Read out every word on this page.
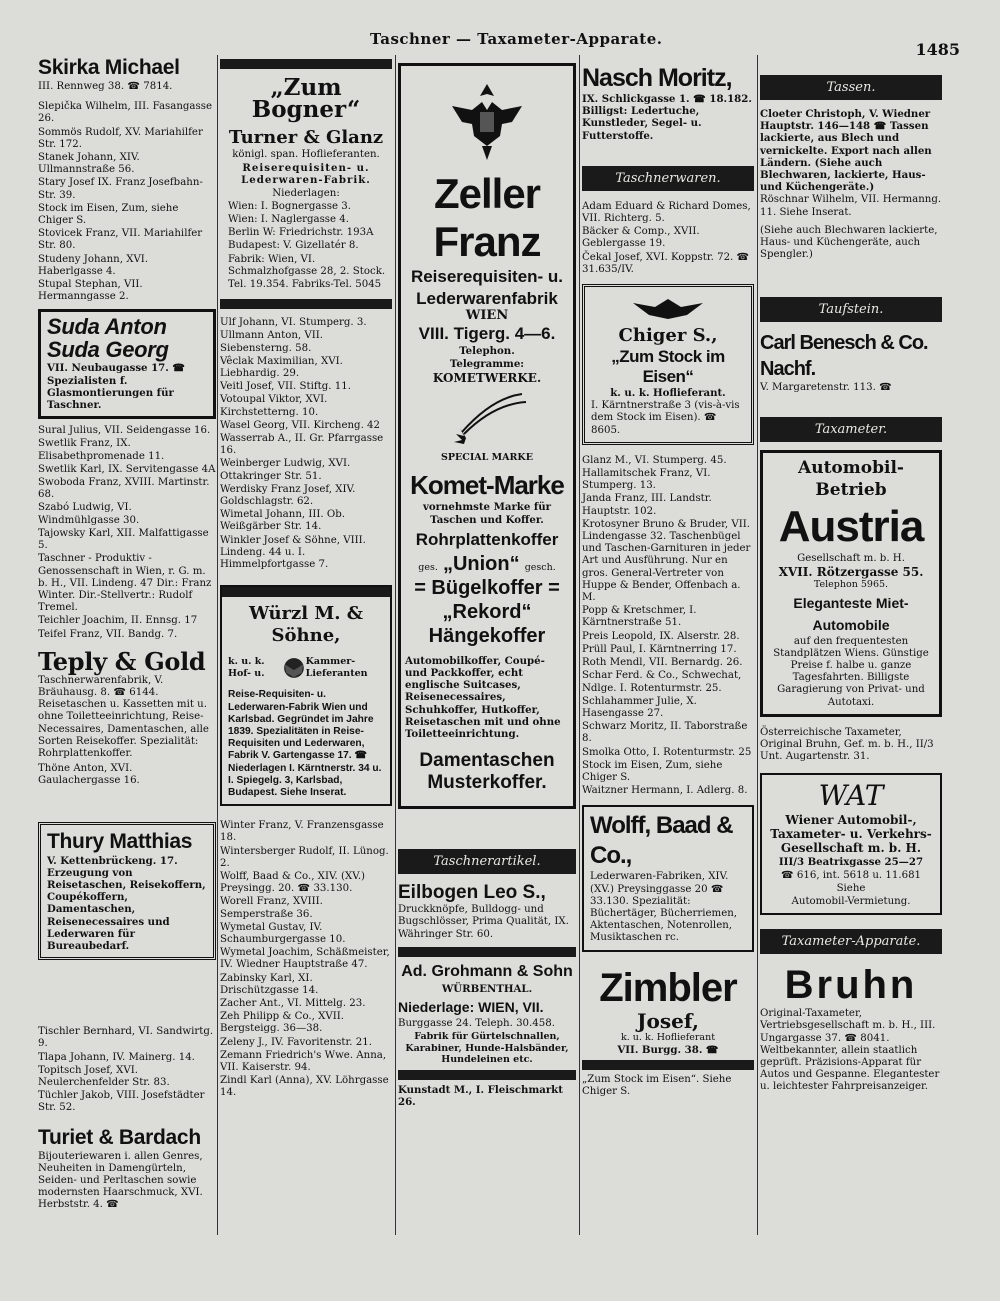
Taschner — Taxameter-Apparate.
1485
Skirka Michael
III. Rennweg 38. ☎ 7814.
Slepička Wilhelm, III. Fasangasse 26.
Sommös Rudolf, XV. Mariahilfer Str. 172.
Stanek Johann, XIV. Ullmannstraße 56.
Stary Josef IX. Franz Josefbahn-Str. 39.
Stock im Eisen, Zum, siehe Chiger S.
Stovicek Franz, VII. Mariahilfer Str. 80.
Studeny Johann, XVI. Haberlgasse 4.
Stupal Stephan, VII. Hermanngasse 2.
Suda Anton
Suda Georg
VII. Neubaugasse 17. ☎ Spezialisten f. Glasmontierungen für Taschner.
Sural Julius, VII. Seidengasse 16.
Swetlik Franz, IX. Elisabethpromenade 11.
Swetlik Karl, IX. Servitengasse 4A
Swoboda Franz, XVIII. Martinstr. 68.
Szabó Ludwig, VI. Windmühlgasse 30.
Tajowsky Karl, XII. Malfattigasse 5.
Taschner - Produktiv - Genossenschaft in Wien, r. G. m. b. H., VII. Lindeng. 47 Dir.: Franz Winter. Dir.-Stellvertr.: Rudolf Tremel.
Teichler Joachim, II. Ennsg. 17
Teifel Franz, VII. Bandg. 7.
Teply & Gold
Taschnerwarenfabrik, V. Bräuhausg. 8. ☎ 6144. Reisetaschen u. Kassetten mit u. ohne Toiletteeinrichtung, Reise-Necessaires, Damentaschen, alle Sorten Reisekoffer. Spezialität: Rohrplattenkoffer.
Thöne Anton, XVI. Gaulachergasse 16.
Thury Matthias
V. Kettenbrückeng. 17. Erzeugung von Reisetaschen, Reisekoffern, Coupékoffern, Damentaschen, Reisenecessaires und Lederwaren für Bureaubedarf.
Tischler Bernhard, VI. Sandwirtg. 9.
Tlapa Johann, IV. Mainerg. 14.
Topitsch Josef, XVI. Neulerchenfelder Str. 83.
Tüchler Jakob, VIII. Josefstädter Str. 52.
Turiet & Bardach
Bijouteriewaren i. allen Genres, Neuheiten in Damengürteln, Seiden- und Perltaschen sowie modernsten Haarschmuck, XVI. Herbststr. 4. ☎
„Zum Bogner“
Turner & Glanz
königl. span. Hoflieferanten.
Reiserequisiten- u. Lederwaren-Fabrik.
Niederlagen:
Wien: I. Bognergasse 3.
Wien: I. Naglergasse 4.
Berlin W: Friedrichstr. 193A
Budapest: V. Gizellatér 8.
Fabrik: Wien, VI. Schmalzhofgasse 28, 2. Stock.
Tel. 19.354. Fabriks-Tel. 5045
Ulf Johann, VI. Stumperg. 3.
Ullmann Anton, VII. Siebensterng. 58.
Vêclak Maximilian, XVI. Liebhardig. 29.
Veitl Josef, VII. Stiftg. 11.
Votoupal Viktor, XVI. Kirchstetterng. 10.
Wasel Georg, VII. Kircheng. 42
Wasserrab A., II. Gr. Pfarrgasse 16.
Weinberger Ludwig, XVI. Ottakringer Str. 51.
Werdisky Franz Josef, XIV. Goldschlagstr. 62.
Wimetal Johann, III. Ob. Weißgärber Str. 14.
Winkler Josef & Söhne, VIII. Lindeng. 44 u. I. Himmelpfortgasse 7.
Würzl M. & Söhne,
k. u. k. Hof- u.
Kammer-Lieferanten
Reise-Requisiten- u. Lederwaren-Fabrik Wien und Karlsbad. Gegründet im Jahre 1839. Spezialitäten in Reise-Requisiten und Lederwaren, Fabrik V. Gartengasse 17. ☎ Niederlagen I. Kärntnerstr. 34 u. I. Spiegelg. 3, Karlsbad, Budapest. Siehe Inserat.
Winter Franz, V. Franzensgasse 18.
Wintersberger Rudolf, II. Lünog. 2.
Wolff, Baad & Co., XIV. (XV.) Preysingg. 20. ☎ 33.130.
Worell Franz, XVIII. Semperstraße 36.
Wymetal Gustav, IV. Schaumburgergasse 10.
Wymetal Joachim, Schäßmeister, IV. Wiedner Hauptstraße 47.
Zabinsky Karl, XI. Drischützgasse 14.
Zacher Ant., VI. Mittelg. 23.
Zeh Philipp & Co., XVII. Bergsteigg. 36—38.
Zeleny J., IV. Favoritenstr. 21.
Zemann Friedrich's Wwe. Anna, VII. Kaiserstr. 94.
Zindl Karl (Anna), XV. Löhrgasse 14.
Zeller Franz
Reiserequisiten- u.
Lederwarenfabrik
WIEN
VIII. Tigerg. 4—6.
Telephon.
Telegramme:
KOMETWERKE.
SPECIAL MARKE
Komet-Marke
vornehmste Marke für Taschen und Koffer.
Rohrplattenkoffer
ges. „Union“ gesch.
= Bügelkoffer =
„Rekord“
Hängekoffer
Automobilkoffer, Coupé- und Packkoffer, echt englische Suitcases, Reisenecessaires, Schuhkoffer, Hutkoffer, Reisetaschen mit und ohne Toiletteeinrichtung.
Damentaschen
Musterkoffer.
Taschnerartikel.
Eilbogen Leo S.,
Druckknöpfe, Bulldogg- und Bugschlösser, Prima Qualität, IX. Währinger Str. 60.
Ad. Grohmann & Sohn
WÜRBENTHAL.
Niederlage: WIEN, VII.
Burggasse 24. Teleph. 30.458.
Fabrik für Gürtelschnallen, Karabiner, Hunde-Halsbänder, Hundeleinen etc.
Kunstadt M., I. Fleischmarkt 26.
Nasch Moritz,
IX. Schlickgasse 1. ☎ 18.182. Billigst: Ledertuche, Kunstleder, Segel- u. Futterstoffe.
Taschnerwaren.
Adam Eduard & Richard Domes, VII. Richterg. 5.
Bäcker & Comp., XVII. Geblergasse 19.
Čekal Josef, XVI. Koppstr. 72. ☎ 31.635/IV.
Chiger S.,
„Zum Stock im Eisen“
k. u. k. Hoflieferant.
I. Kärntnerstraße 3 (vis-à-vis dem Stock im Eisen). ☎ 8605.
Glanz M., VI. Stumperg. 45.
Hallamitschek Franz, VI. Stumperg. 13.
Janda Franz, III. Landstr. Hauptstr. 102.
Krotosyner Bruno & Bruder, VII. Lindengasse 32. Taschenbügel und Taschen-Garnituren in jeder Art und Ausführung. Nur en gros. General-Vertreter von Huppe & Bender, Offenbach a. M.
Popp & Kretschmer, I. Kärntnerstraße 51.
Preis Leopold, IX. Alserstr. 28.
Prüll Paul, I. Kärntnerring 17.
Roth Mendl, VII. Bernardg. 26.
Schar Ferd. & Co., Schwechat, Ndlge. I. Rotenturmstr. 25.
Schlahammer Julie, X. Hasengasse 27.
Schwarz Moritz, II. Taborstraße 8.
Smolka Otto, I. Rotenturmstr. 25
Stock im Eisen, Zum, siehe Chiger S.
Waitzner Hermann, I. Adlerg. 8.
Wolff, Baad & Co.,
Lederwaren-Fabriken, XIV. (XV.) Preysinggasse 20 ☎ 33.130. Spezialität: Büchertäger, Bücherriemen, Aktentaschen, Notenrollen, Musiktaschen rc.
Zimbler
Josef,
k. u. k. Hoflieferant
VII. Burgg. 38. ☎
„Zum Stock im Eisen“. Siehe Chiger S.
Tassen.
Cloeter Christoph, V. Wiedner Hauptstr. 146—148 ☎ Tassen lackierte, aus Blech und vernickelte. Export nach allen Ländern. (Siehe auch Blechwaren, lackierte, Haus- und Küchengeräte.)
Röschnar Wilhelm, VII. Hermanng. 11. Siehe Inserat.
(Siehe auch Blechwaren lackierte, Haus- und Küchengeräte, auch Spengler.)
Taufstein.
Carl Benesch & Co. Nachf.
V. Margaretenstr. 113. ☎
Taxameter.
Automobil-Betrieb
Austria
Gesellschaft m. b. H.
XVII. Rötzergasse 55.
Telephon 5965.
Eleganteste Miet-Automobile
auf den frequentesten Standplätzen Wiens. Günstige Preise f. halbe u. ganze Tagesfahrten. Billigste Garagierung von Privat- und Autotaxi.
Österreichische Taxameter, Original Bruhn, Gef. m. b. H., II/3 Unt. Augartenstr. 31.
WAT
Wiener Automobil-, Taxameter- u. Verkehrs-Gesellschaft m. b. H.
III/3 Beatrixgasse 25—27
☎ 616, int. 5618 u. 11.681
Siehe
Automobil-Vermietung.
Taxameter-Apparate.
Bruhn
Original-Taxameter, Vertriebsgesellschaft m. b. H., III. Ungargasse 37. ☎ 8041. Weltbekannter, allein staatlich geprüft. Präzisions-Apparat für Autos und Gespanne. Elegantester u. leichtester Fahrpreisanzeiger.
